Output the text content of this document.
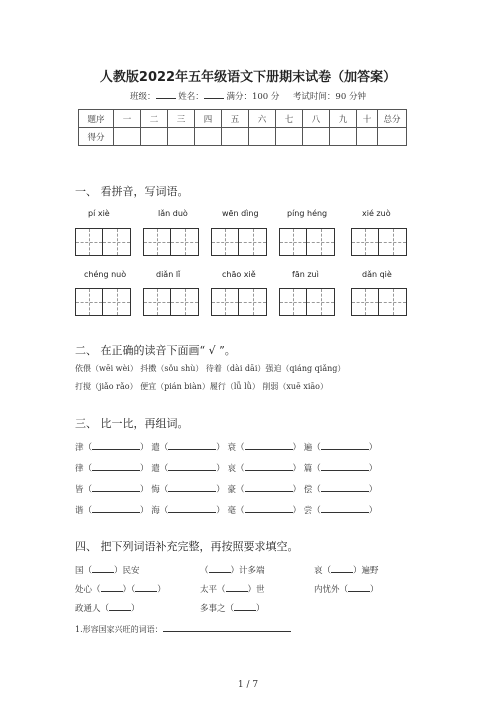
人教版2022年五年级语文下册期末试卷（加答案）
班级：	姓名：	满分：100 分 考试时间：90 分钟
题序	一	二	三	四	五	六	七	八	九	十	总分
得分											
一、 看拼音，写词语。
pí xiè	lǎn duò	wēn dìng	píng héng	xié zuò
chéng nuò	diǎn lǐ	chāo xiě	fān zuì	dǎn qiè
二、 在正确的读音下面画“ √ ”。
依偎（wēi wèi） 抖擞（sǒu shù） 待着（dài dāi）强迫（qiáng qiǎng）
打搅（jiǎo rǎo） 便宜（pián biàn）履行（lǚ lǜ） 削弱（xuē xiāo）
三、 比一比，再组词。
津（	） 遣（	） 衰（	） 遍（	）
律（	） 遣（	） 哀（	） 篇（	）
皆（	） 悔（	） 豪（	） 偿（	）
谐（	） 海（	） 毫（	） 尝（	）
四、 把下列词语补充完整，再按照要求填空。
国（	）民安	（	）计多端	哀（	）遍野
处心（	）（	）	太平（	）世	内忧外（	）
政通人（	）	多事之（	）
1.形容国家兴旺的词语：
1 / 7
